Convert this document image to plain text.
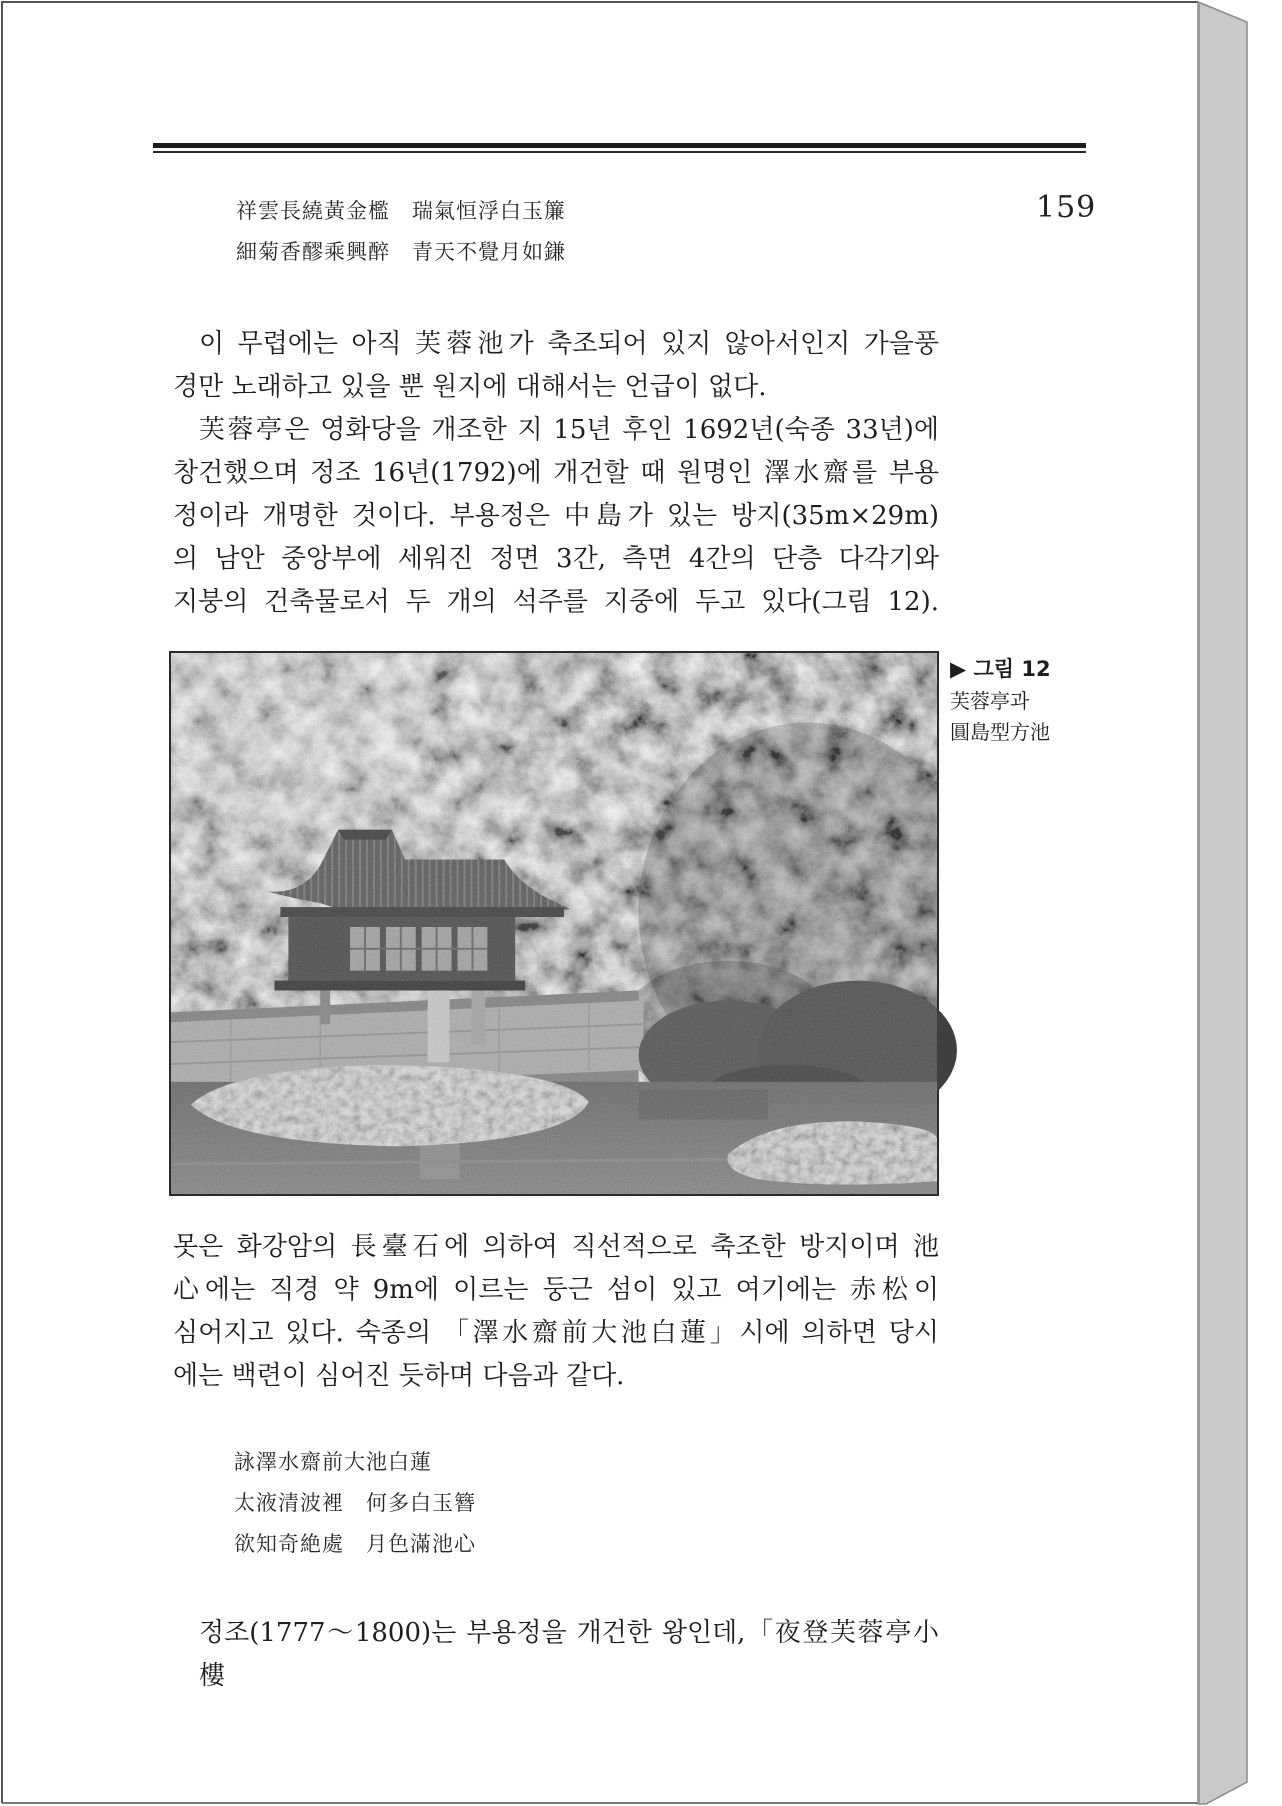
159
祥雲長繞黃金檻　瑞氣恒浮白玉簾
細菊香醪乘興醉　青天不覺月如鎌
이 무렵에는 아직 芙蓉池가 축조되어 있지 않아서인지 가을풍
경만 노래하고 있을 뿐 원지에 대해서는 언급이 없다.
芙蓉亭은 영화당을 개조한 지 15년 후인 1692년(숙종 33년)에
창건했으며 정조 16년(1792)에 개건할 때 원명인 澤水齋를 부용
정이라 개명한 것이다. 부용정은 中島가 있는 방지(35m×29m)
의 남안 중앙부에 세워진 정면 3간, 측면 4간의 단층 다각기와
지붕의 건축물로서 두 개의 석주를 지중에 두고 있다(그림 12).
▶ 그림 12
芙蓉亭과
圓島型方池
못은 화강암의 長臺石에 의하여 직선적으로 축조한 방지이며 池
心에는 직경 약 9m에 이르는 둥근 섬이 있고 여기에는 赤松이
심어지고 있다. 숙종의 「澤水齋前大池白蓮」시에 의하면 당시
에는 백련이 심어진 듯하며 다음과 같다.
詠澤水齋前大池白蓮
太液清波裡　何多白玉簪
欲知奇絶處　月色滿池心
정조(1777～1800)는 부용정을 개건한 왕인데,「夜登芙蓉亭小樓
